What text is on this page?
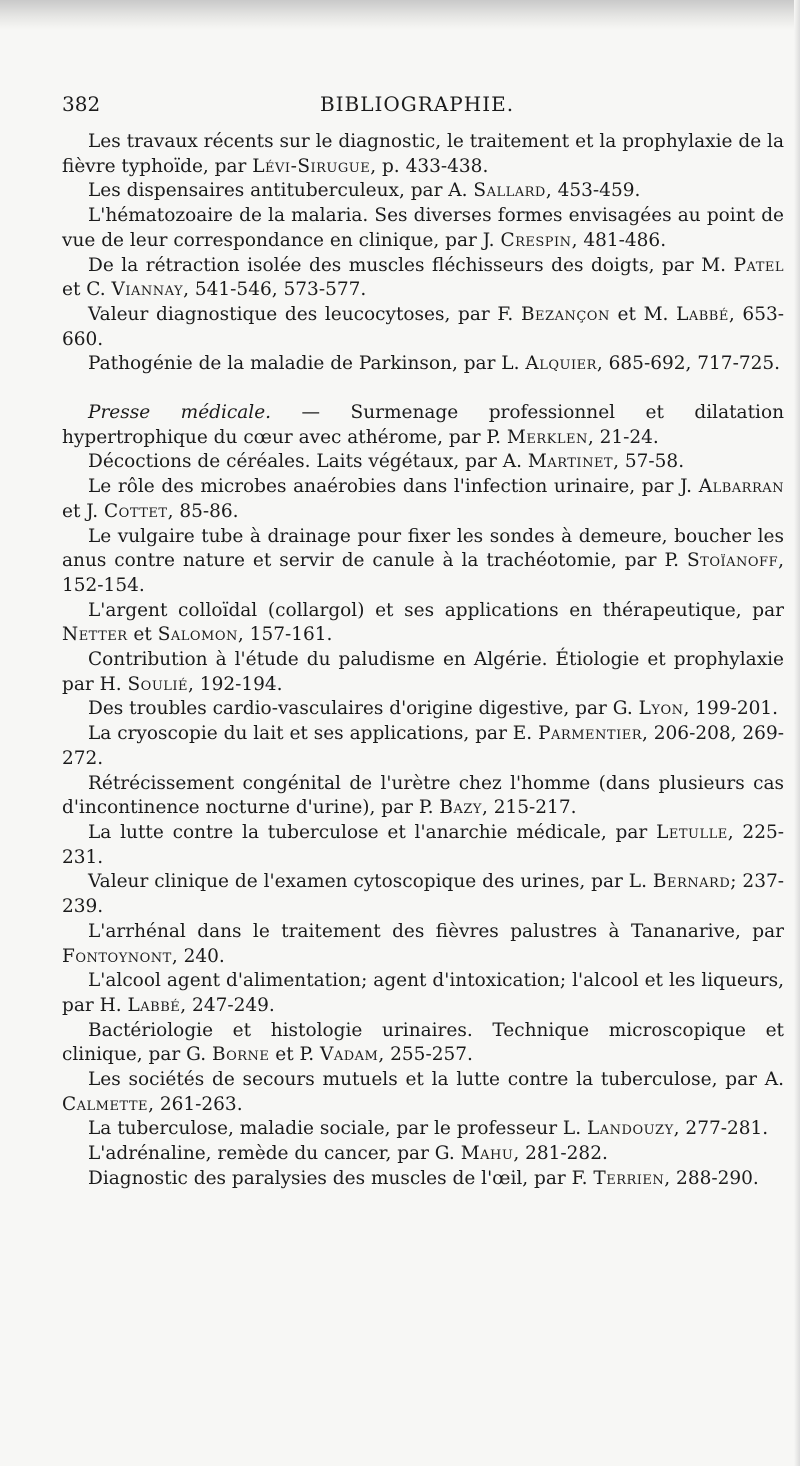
382	BIBLIOGRAPHIE.

Les travaux récents sur le diagnostic, le traitement et la prophylaxie de la fièvre typhoïde, par Lévi-Sirugue, p. 433-438.

Les dispensaires antituberculeux, par A. Sallard, 453-459.

L'hématozoaire de la malaria. Ses diverses formes envisagées au point de vue de leur correspondance en clinique, par J. Crespin, 481-486.

De la rétraction isolée des muscles fléchisseurs des doigts, par M. Patel et C. Viannay, 541-546, 573-577.

Valeur diagnostique des leucocytoses, par F. Bezançon et M. Labbé, 653-660.

Pathogénie de la maladie de Parkinson, par L. Alquier, 685-692, 717-725.

Presse médicale. — Surmenage professionnel et dilatation hypertrophique du cœur avec athérome, par P. Merklen, 21-24.

Décoctions de céréales. Laits végétaux, par A. Martinet, 57-58.

Le rôle des microbes anaérobies dans l'infection urinaire, par J. Albarran et J. Cottet, 85-86.

Le vulgaire tube à drainage pour fixer les sondes à demeure, boucher les anus contre nature et servir de canule à la trachéotomie, par P. Stoïanoff, 152-154.

L'argent colloïdal (collargol) et ses applications en thérapeutique, par Netter et Salomon, 157-161.

Contribution à l'étude du paludisme en Algérie. Étiologie et prophylaxie par H. Soulié, 192-194.

Des troubles cardio-vasculaires d'origine digestive, par G. Lyon, 199-201.

La cryoscopie du lait et ses applications, par E. Parmentier, 206-208, 269-272.

Rétrécissement congénital de l'urètre chez l'homme (dans plusieurs cas d'incontinence nocturne d'urine), par P. Bazy, 215-217.

La lutte contre la tuberculose et l'anarchie médicale, par Letulle, 225-231.

Valeur clinique de l'examen cytoscopique des urines, par L. Bernard; 237-239.

L'arrhénal dans le traitement des fièvres palustres à Tananarive, par Fontoynont, 240.

L'alcool agent d'alimentation; agent d'intoxication; l'alcool et les liqueurs, par H. Labbé, 247-249.

Bactériologie et histologie urinaires. Technique microscopique et clinique, par G. Borne et P. Vadam, 255-257.

Les sociétés de secours mutuels et la lutte contre la tuberculose, par A. Calmette, 261-263.

La tuberculose, maladie sociale, par le professeur L. Landouzy, 277-281.

L'adrénaline, remède du cancer, par G. Mahu, 281-282.

Diagnostic des paralysies des muscles de l'œil, par F. Terrien, 288-290.
